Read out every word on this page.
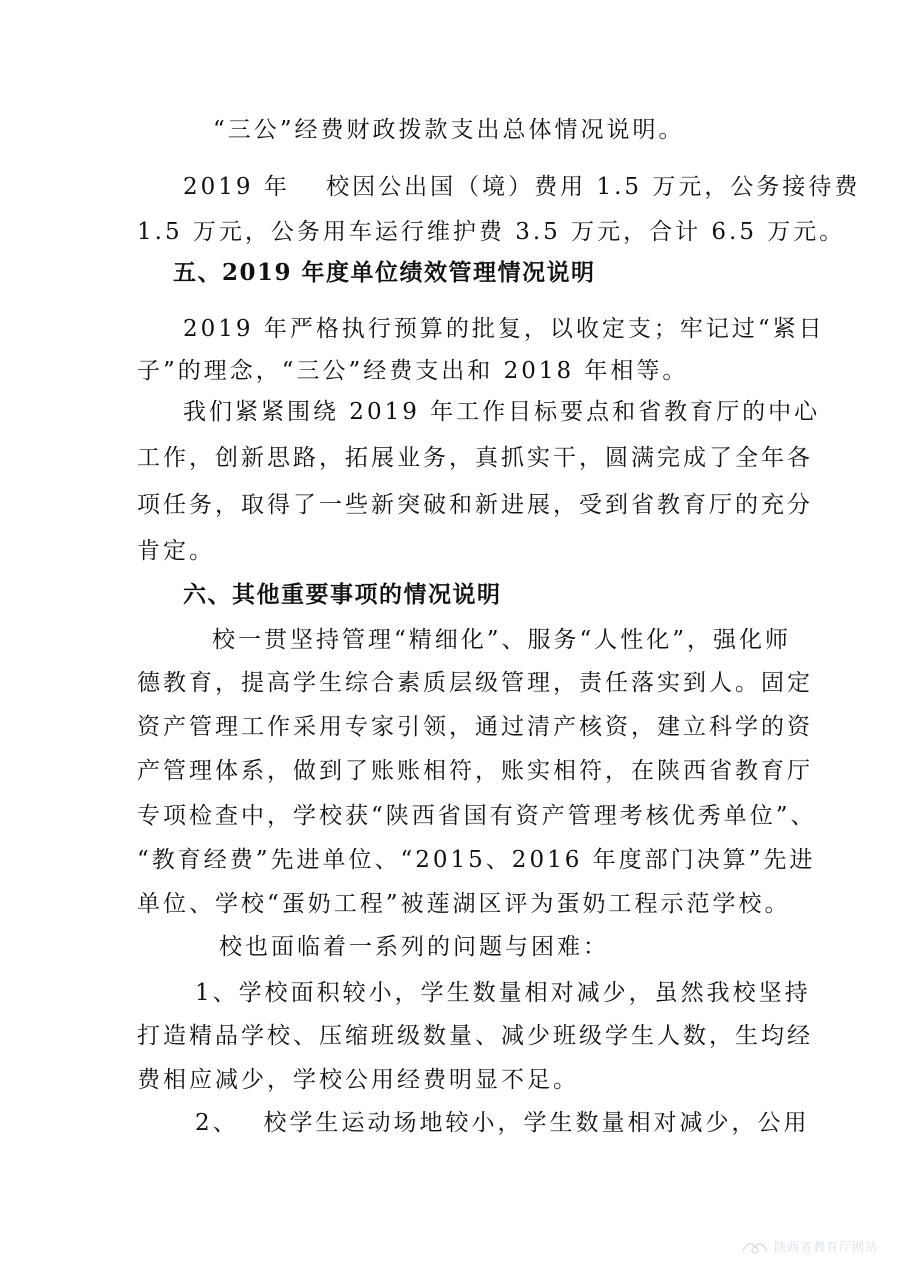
“三公”经费财政拨款支出总体情况说明。
2019 年　 校因公出国（境）费用 1.5 万元，公务接待费
1.5 万元，公务用车运行维护费 3.5 万元，合计 6.5 万元。
五、2019 年度单位绩效管理情况说明
2019 年严格执行预算的批复，以收定支；牢记过“紧日
子”的理念，“三公”经费支出和 2018 年相等。
我们紧紧围绕 2019 年工作目标要点和省教育厅的中心
工作，创新思路，拓展业务，真抓实干，圆满完成了全年各
项任务，取得了一些新突破和新进展，受到省教育厅的充分
肯定。
六、其他重要事项的情况说明
校一贯坚持管理“精细化”、服务“人性化”，强化师
德教育，提高学生综合素质层级管理，责任落实到人。固定
资产管理工作采用专家引领，通过清产核资，建立科学的资
产管理体系，做到了账账相符，账实相符，在陕西省教育厅
专项检查中，学校获“陕西省国有资产管理考核优秀单位”、
“教育经费”先进单位、“2015、2016 年度部门决算”先进
单位、学校“蛋奶工程”被莲湖区评为蛋奶工程示范学校。
校也面临着一系列的问题与困难：
1、学校面积较小，学生数量相对减少，虽然我校坚持
打造精品学校、压缩班级数量、减少班级学生人数，生均经
费相应减少，学校公用经费明显不足。
2、　 校学生运动场地较小，学生数量相对减少，公用
陕西省教育厅网站
